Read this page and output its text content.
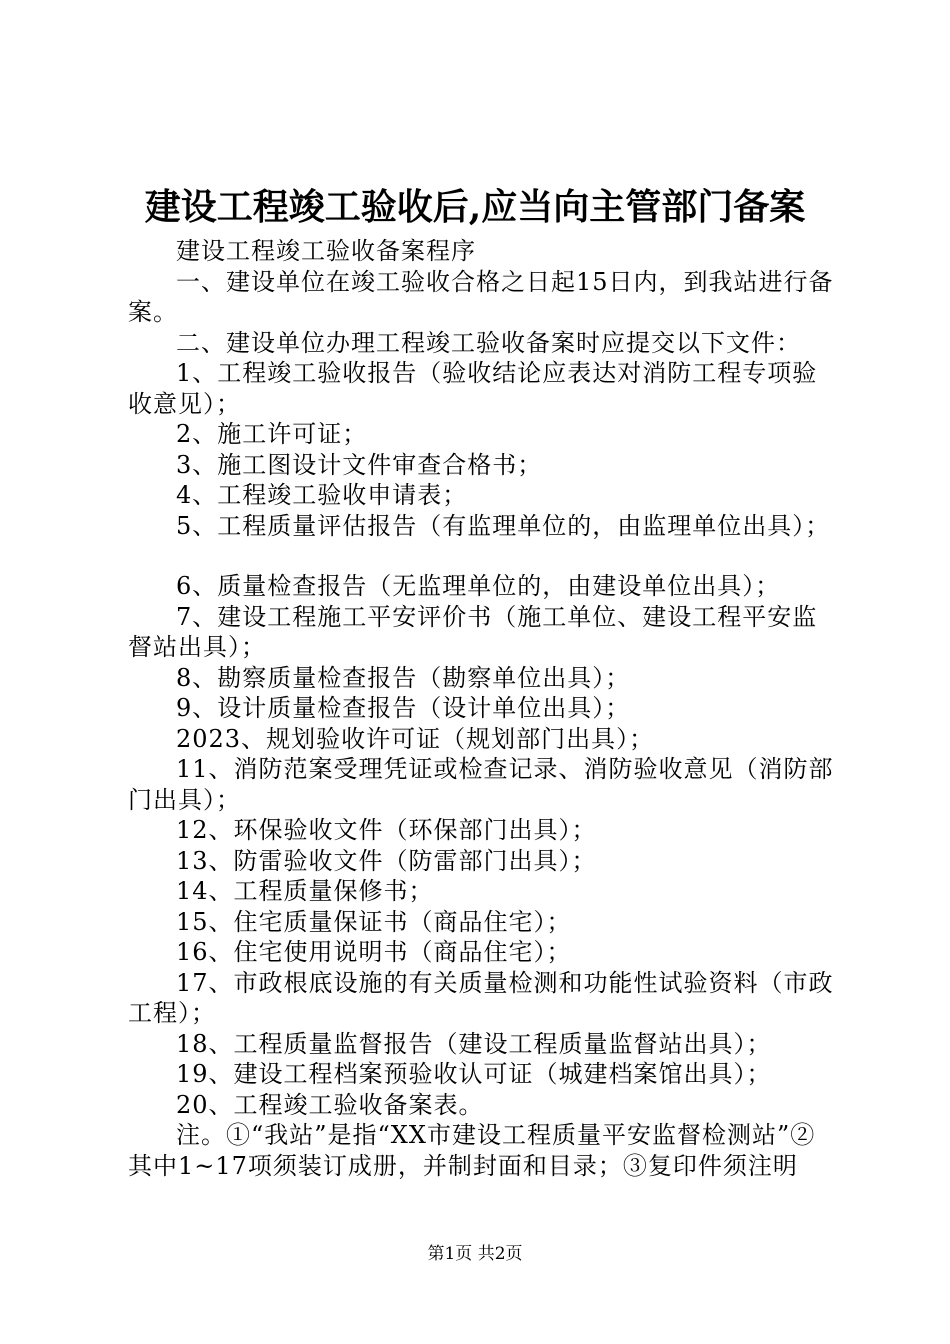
建设工程竣工验收后,应当向主管部门备案

建设工程竣工验收备案程序

一、建设单位在竣工验收合格之日起15日内，到我站进行备案。

二、建设单位办理工程竣工验收备案时应提交以下文件：

1、工程竣工验收报告（验收结论应表达对消防工程专项验收意见）；

2、施工许可证；

3、施工图设计文件审查合格书；

4、工程竣工验收申请表；

5、工程质量评估报告（有监理单位的，由监理单位出具）；

6、质量检查报告（无监理单位的，由建设单位出具）；

7、建设工程施工平安评价书（施工单位、建设工程平安监督站出具）；

8、勘察质量检查报告（勘察单位出具）；

9、设计质量检查报告（设计单位出具）；

2023、规划验收许可证（规划部门出具）；

11、消防范案受理凭证或检查记录、消防验收意见（消防部门出具）；

12、环保验收文件（环保部门出具）；

13、防雷验收文件（防雷部门出具）；

14、工程质量保修书；

15、住宅质量保证书（商品住宅）；

16、住宅使用说明书（商品住宅）；

17、市政根底设施的有关质量检测和功能性试验资料（市政工程）；

18、工程质量监督报告（建设工程质量监督站出具）；

19、建设工程档案预验收认可证（城建档案馆出具）；

20、工程竣工验收备案表。

注。①“我站”是指“XX市建设工程质量平安监督检测站”②其中1~17项须装订成册，并制封面和目录；③复印件须注明

第1页 共2页
